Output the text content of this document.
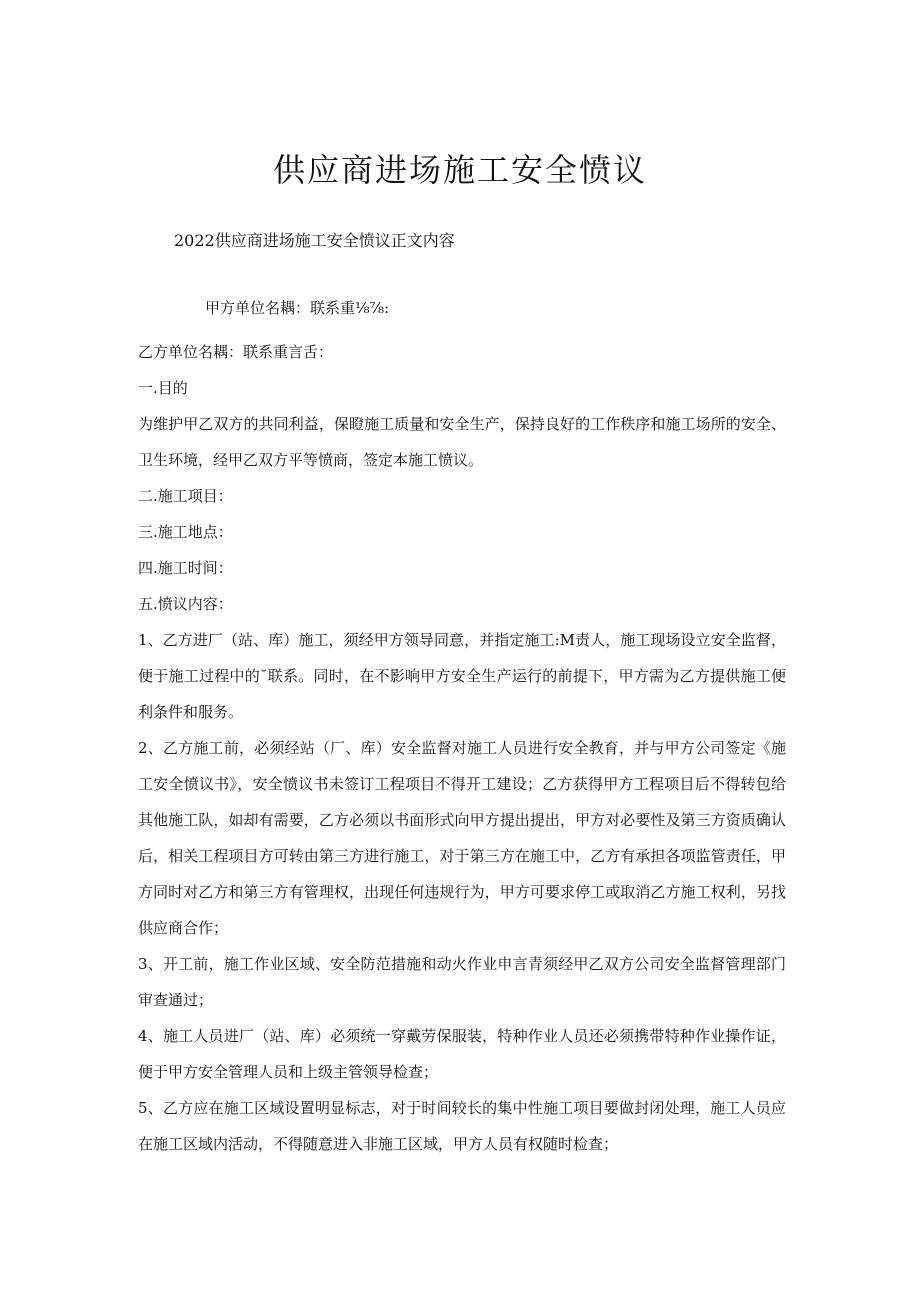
供应商进场施工安全愤议
2022供应商进场施工安全愤议正文内容
甲方单位名耦：联系重⅛⅞:

乙方单位名耦：联系重言舌：

一.目的

为维护甲乙双方的共同利益，保瞪施工质量和安全生产，保持良好的工作秩序和施工场所的安全、卫生环境，经甲乙双方平等愤商，签定本施工愤议。

二.施工项目：

三.施工地点：

四.施工时间：

五.愤议内容：

1、乙方进厂（站、库）施工，须经甲方领导同意，并指定施工:M责人，施工现场设立安全监督，便于施工过程中的˘联系。同时，在不影响甲方安全生产运行的前提下，甲方需为乙方提供施工便利条件和服务。

2、乙方施工前，必须经站（厂、库）安全监督对施工人员进行安全教育，并与甲方公司签定《施工安全愤议书》，安全愤议书未签订工程项目不得开工建设；乙方获得甲方工程项目后不得转包给其他施工队，如却有需要，乙方必须以书面形式向甲方提出提出，甲方对必要性及第三方资质确认后，相关工程项目方可转由第三方进行施工，对于第三方在施工中，乙方有承担各项监管责任，甲方同时对乙方和第三方有管理权，出现任何违规行为，甲方可要求停工或取消乙方施工权利，另找供应商合作；

3、开工前，施工作业区域、安全防范措施和动火作业申言青须经甲乙双方公司安全监督管理部门审查通过；

4、施工人员进厂（站、库）必须统一穿戴劳保服装，特种作业人员还必须携带特种作业操作证，便于甲方安全管理人员和上级主管领导检查；

5、乙方应在施工区域设置明显标志，对于时间较长的集中性施工项目要做封闭处理，施工人员应在施工区域内活动，不得随意进入非施工区域，甲方人员有权随时检查；
